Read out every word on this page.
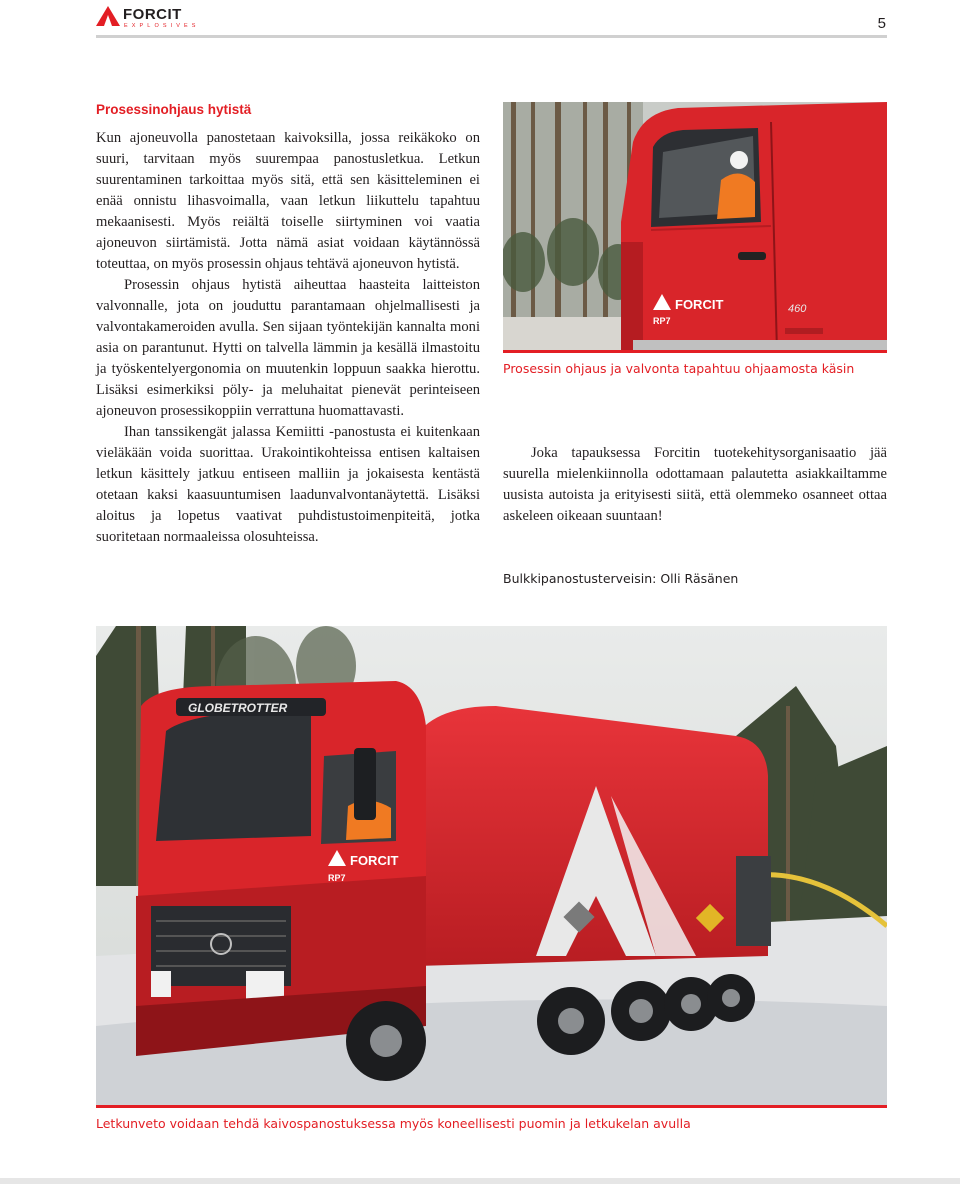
FORCIT
EXPLOSIVES	5
Prosessinohjaus hytistä

Kun ajoneuvolla panostetaan kaivoksilla, jossa reikäkoko on suuri, tarvitaan myös suurempaa panostusletkua. Letkun suurentaminen tarkoittaa myös sitä, että sen käsitteleminen ei enää onnistu lihasvoimalla, vaan letkun liikuttelu tapahtuu mekaanisesti. Myös reiältä toiselle siirtyminen voi vaatia ajoneuvon siirtämistä. Jotta nämä asiat voidaan käytännössä toteuttaa, on myös prosessin ohjaus tehtävä ajoneuvon hytistä.

Prosessin ohjaus hytistä aiheuttaa haasteita laitteiston valvonnalle, jota on jouduttu parantamaan ohjelmallisesti ja valvontakameroiden avulla. Sen sijaan työntekijän kannalta moni asia on parantunut. Hytti on talvella lämmin ja kesällä ilmastoitu ja työskentelyergonomia on muutenkin loppuun saakka hierottu. Lisäksi esimerkiksi pöly- ja meluhaitat pienevät perinteiseen ajoneuvon prosessikoppiin verrattuna huomattavasti.

Ihan tanssikengät jalassa Kemiitti -panostusta ei kuitenkaan vieläkään voida suorittaa. Urakointikohteissa entisen kaltaisen letkun käsittely jatkuu entiseen malliin ja jokaisesta kentästä otetaan kaksi kaasuuntumisen laadunvalvontanäytettä. Lisäksi aloitus ja lopetus vaativat puhdistustoimenpiteitä, jotka suoritetaan normaaleissa olosuhteissa.

FORCIT
RP7
460
Prosessin ohjaus ja valvonta tapahtuu ohjaamosta käsin
Joka tapauksessa Forcitin tuotekehitysorganisaatio jää suurella mielenkiinnolla odottamaan palautetta asiakkailtamme uusista autoista ja erityisesti siitä, että olemmeko osanneet ottaa askeleen oikeaan suuntaan!
Bulkkipanostusterveisin: Olli Räsänen
GLOBETROTTER
FORCIT
RP7
Letkunveto voidaan tehdä kaivospanostuksessa myös koneellisesti puomin ja letkukelan avulla
